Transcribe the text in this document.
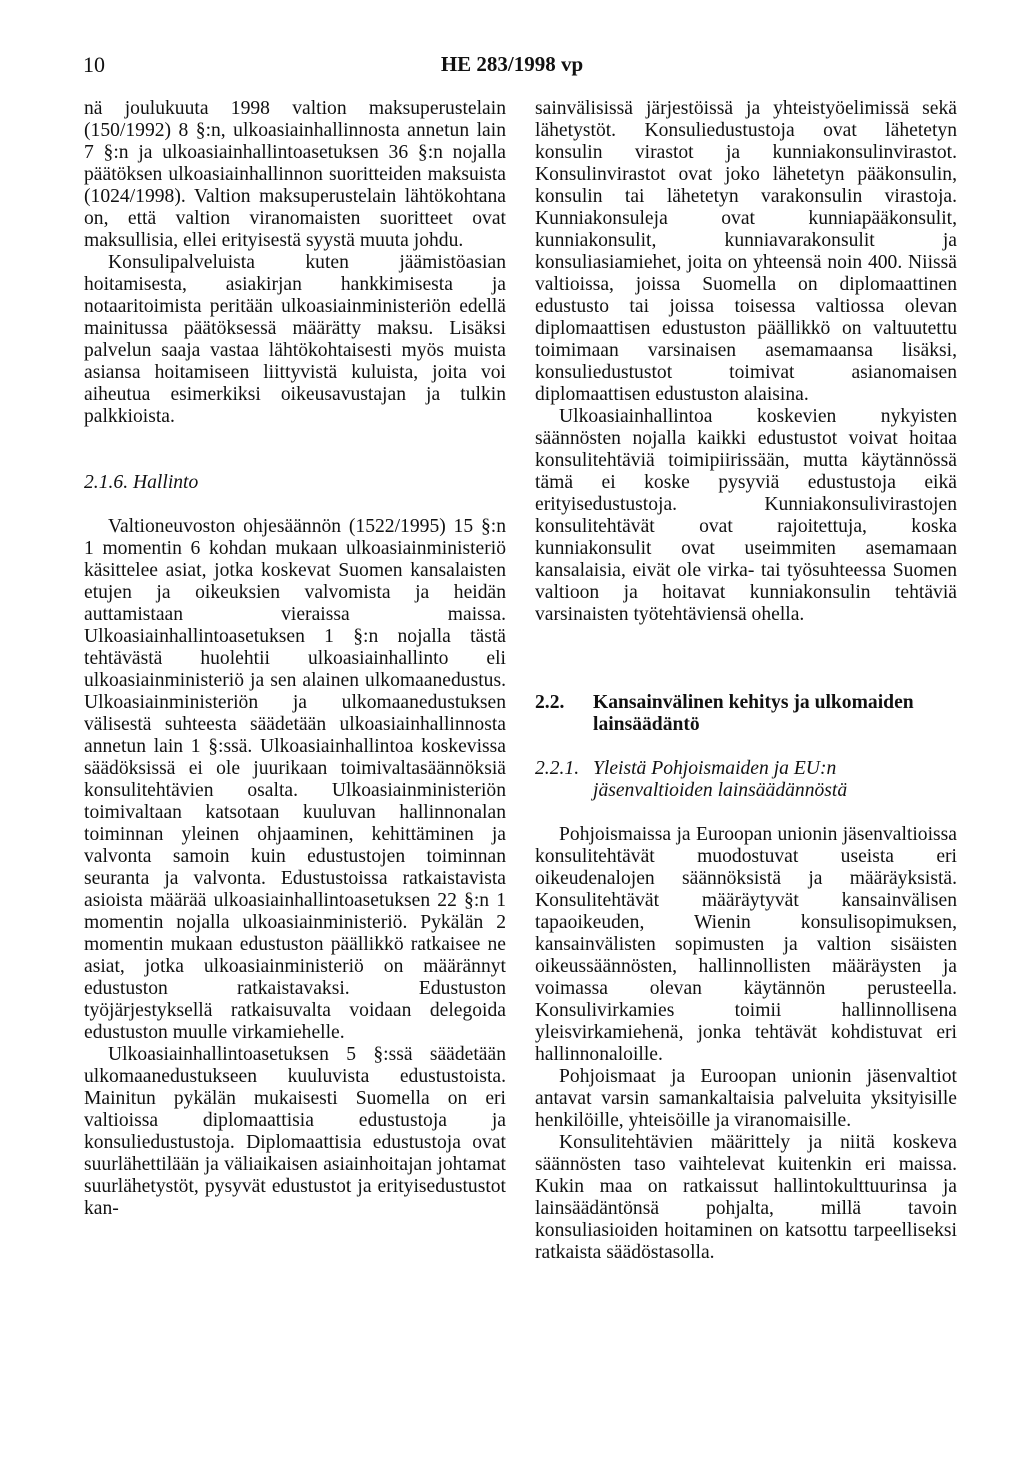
10	HE 283/1998 vp

nä joulukuuta 1998 valtion maksuperustelain (150/1992) 8 §:n, ulkoasiainhallinnosta annetun lain 7 §:n ja ulkoasiainhallintoasetuksen 36 §:n nojalla päätöksen ulkoasiainhallinnon suoritteiden maksuista (1024/1998). Valtion maksuperustelain lähtökohtana on, että valtion viranomaisten suoritteet ovat maksullisia, ellei erityisestä syystä muuta johdu.

Konsulipalveluista kuten jäämistöasian hoitamisesta, asiakirjan hankkimisesta ja notaaritoimista peritään ulkoasiainministeriön edellä mainitussa päätöksessä määrätty maksu. Lisäksi palvelun saaja vastaa lähtökohtaisesti myös muista asiansa hoitamiseen liittyvistä kuluista, joita voi aiheutua esimerkiksi oikeusavustajan ja tulkin palkkioista.

2.1.6. Hallinto

Valtioneuvoston ohjesäännön (1522/1995) 15 §:n 1 momentin 6 kohdan mukaan ulkoasiainministeriö käsittelee asiat, jotka koskevat Suomen kansalaisten etujen ja oikeuksien valvomista ja heidän auttamistaan vieraissa maissa. Ulkoasiainhallintoasetuksen 1 §:n nojalla tästä tehtävästä huolehtii ulkoasiainhallinto eli ulkoasiainministeriö ja sen alainen ulkomaanedustus. Ulkoasiainministeriön ja ulkomaanedustuksen välisestä suhteesta säädetään ulkoasiainhallinnosta annetun lain 1 §:ssä. Ulkoasiainhallintoa koskevissa säädöksissä ei ole juurikaan toimivaltasäännöksiä konsulitehtävien osalta. Ulkoasiainministeriön toimivaltaan katsotaan kuuluvan hallinnonalan toiminnan yleinen ohjaaminen, kehittäminen ja valvonta samoin kuin edustustojen toiminnan seuranta ja valvonta. Edustustoissa ratkaistavista asioista määrää ulkoasiainhallintoasetuksen 22 §:n 1 momentin nojalla ulkoasiainministeriö. Pykälän 2 momentin mukaan edustuston päällikkö ratkaisee ne asiat, jotka ulkoasiainministeriö on määrännyt edustuston ratkaistavaksi. Edustuston työjärjestyksellä ratkaisuvalta voidaan delegoida edustuston muulle virkamiehelle.

Ulkoasiainhallintoasetuksen 5 §:ssä säädetään ulkomaanedustukseen kuuluvista edustustoista. Mainitun pykälän mukaisesti Suomella on eri valtioissa diplomaattisia edustustoja ja konsuliedustustoja. Diplomaattisia edustustoja ovat suurlähettilään ja väliaikaisen asiainhoitajan johtamat suurlähetystöt, pysyvät edustustot ja erityisedustustot kan-

sainvälisissä järjestöissä ja yhteistyöelimissä sekä lähetystöt. Konsuliedustustoja ovat lähetetyn konsulin virastot ja kunniakonsulinvirastot. Konsulinvirastot ovat joko lähetetyn pääkonsulin, konsulin tai lähetetyn varakonsulin virastoja. Kunniakonsuleja ovat kunniapääkonsulit, kunniakonsulit, kunniavarakonsulit ja konsuliasiamiehet, joita on yhteensä noin 400. Niissä valtioissa, joissa Suomella on diplomaattinen edustusto tai joissa toisessa valtiossa olevan diplomaattisen edustuston päällikkö on valtuutettu toimimaan varsinaisen asemamaansa lisäksi, konsuliedustustot toimivat asianomaisen diplomaattisen edustuston alaisina.

Ulkoasiainhallintoa koskevien nykyisten säännösten nojalla kaikki edustustot voivat hoitaa konsulitehtäviä toimipiirissään, mutta käytännössä tämä ei koske pysyviä edustustoja eikä erityisedustustoja. Kunniakonsulivirastojen konsulitehtävät ovat rajoitettuja, koska kunniakonsulit ovat useimmiten asemamaan kansalaisia, eivät ole virka- tai työsuhteessa Suomen valtioon ja hoitavat kunniakonsulin tehtäviä varsinaisten työtehtäviensä ohella.

2.2.	Kansainvälinen kehitys ja ulkomaiden lainsäädäntö
2.2.1. Yleistä Pohjoismaiden ja EU:n jäsenvaltioiden lainsäädännöstä

Pohjoismaissa ja Euroopan unionin jäsenvaltioissa konsulitehtävät muodostuvat useista eri oikeudenalojen säännöksistä ja määräyksistä. Konsulitehtävät määräytyvät kansainvälisen tapaoikeuden, Wienin konsulisopimuksen, kansainvälisten sopimusten ja valtion sisäisten oikeussäännösten, hallinnollisten määräysten ja voimassa olevan käytännön perusteella. Konsulivirkamies toimii hallinnollisena yleisvirkamiehenä, jonka tehtävät kohdistuvat eri hallinnonaloille.

Pohjoismaat ja Euroopan unionin jäsenvaltiot antavat varsin samankaltaisia palveluita yksityisille henkilöille, yhteisöille ja viranomaisille.

Konsulitehtävien määrittely ja niitä koskeva säännösten taso vaihtelevat kuitenkin eri maissa. Kukin maa on ratkaissut hallintokulttuurinsa ja lainsäädäntönsä pohjalta, millä tavoin konsuliasioiden hoitaminen on katsottu tarpeelliseksi ratkaista säädöstasolla.
